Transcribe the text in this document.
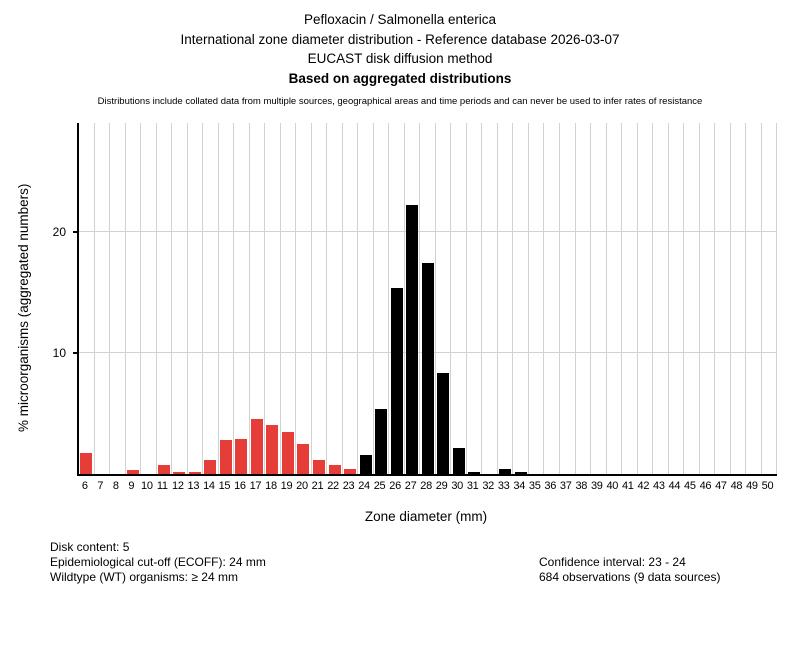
Pefloxacin / Salmonella enterica
International zone diameter distribution - Reference database 2026-03-07
EUCAST disk diffusion method
Based on aggregated distributions
Distributions include collated data from multiple sources, geographical areas and time periods and can never be used to infer rates of resistance
% microorganisms (aggregated numbers)
6 7 8 9 10 11 12 13 14 15 16 17 18 19 20 21 22 23 24 25 26 27 28 29 30 31 32 33 34 35 36 37 38 39 40 41 42 43 44 45 46 47 48 49 50
Zone diameter (mm)
Disk content: 5
Epidemiological cut-off (ECOFF): 24 mm
Wildtype (WT) organisms: ≥ 24 mm
Confidence interval: 23 - 24
684 observations (9 data sources)
10
20
